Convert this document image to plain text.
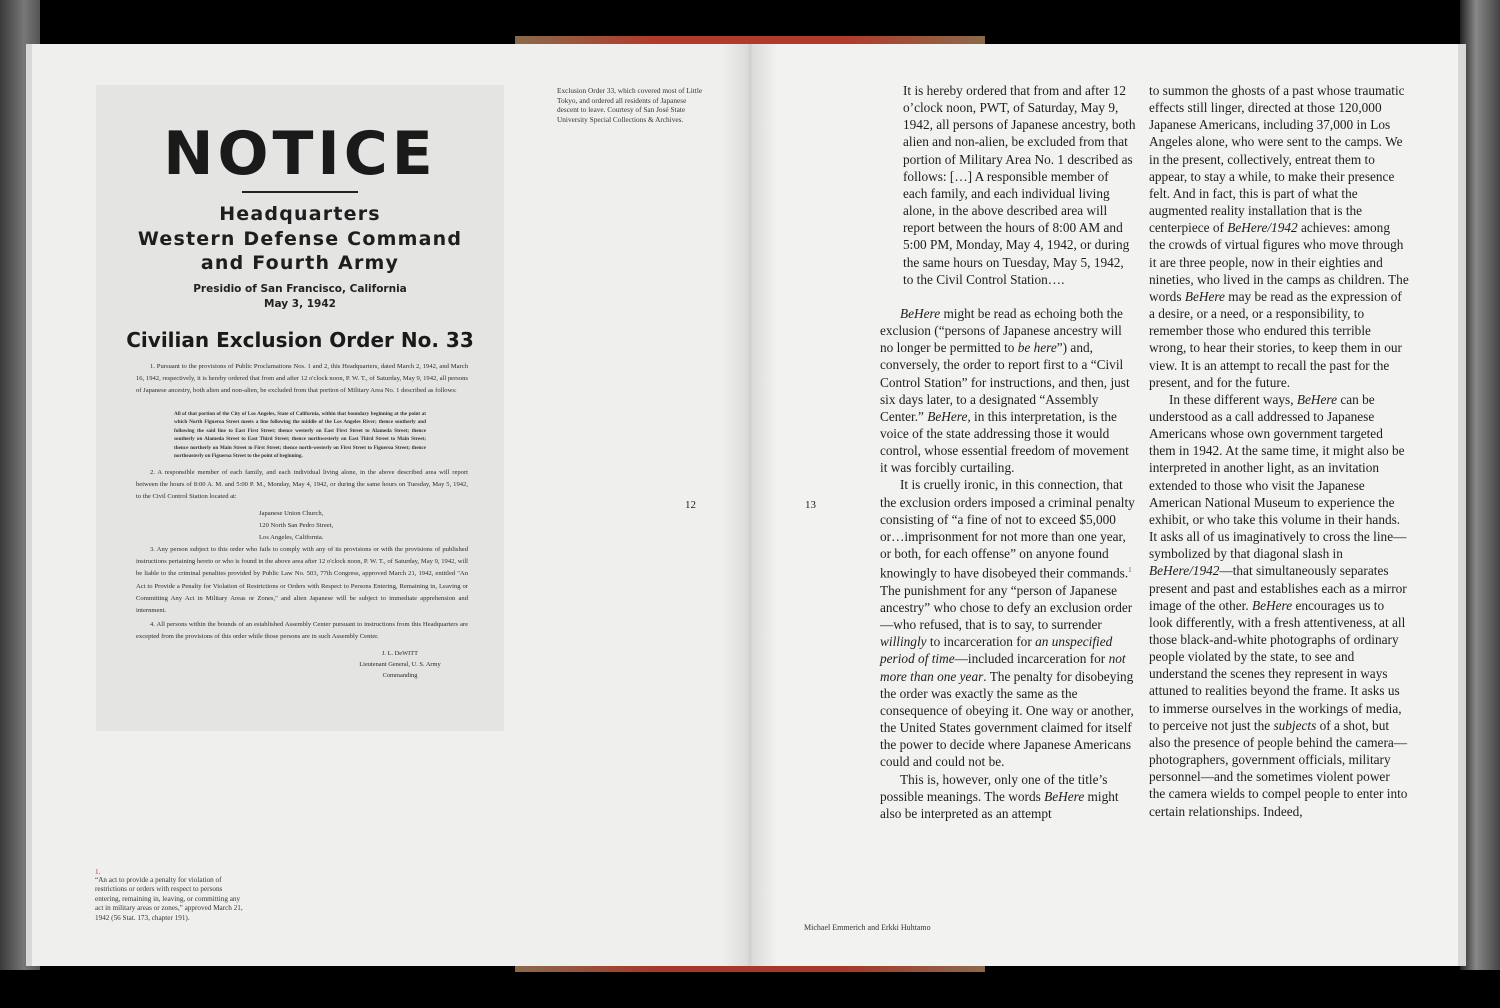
NOTICE
Headquarters
Western Defense Command
and Fourth Army
Presidio of San Francisco, California
May 3, 1942
Civilian Exclusion Order No. 33
1. Pursuant to the provisions of Public Proclamations Nos. 1 and 2, this Headquarters, dated March 2, 1942, and March 16, 1942, respectively, it is hereby ordered that from and after 12 o'clock noon, P. W. T., of Saturday, May 9, 1942, all persons of Japanese ancestry, both alien and non-alien, be excluded from that portion of Military Area No. 1 described as follows:
All of that portion of the City of Los Angeles, State of California, within that boundary beginning at the point at which North Figueroa Street meets a line following the middle of the Los Angeles River; thence southerly and following the said line to East First Street; thence westerly on East First Street to Alameda Street; thence southerly on Alameda Street to East Third Street; thence northwesterly on East Third Street to Main Street; thence northerly on Main Street to First Street; thence north-westerly on First Street to Figueroa Street; thence northeasterly on Figueroa Street to the point of beginning.
2. A responsible member of each family, and each individual living alone, in the above described area will report between the hours of 8:00 A. M. and 5:00 P. M., Monday, May 4, 1942, or during the same hours on Tuesday, May 5, 1942, to the Civil Control Station located at:
Japanese Union Church,
120 North San Pedro Street,
Los Angeles, California.
3. Any person subject to this order who fails to comply with any of its provisions or with the provisions of published instructions pertaining hereto or who is found in the above area after 12 o'clock noon, P. W. T., of Saturday, May 9, 1942, will be liable to the criminal penalties provided by Public Law No. 503, 77th Congress, approved March 21, 1942, entitled "An Act to Provide a Penalty for Violation of Restrictions or Orders with Respect to Persons Entering, Remaining in, Leaving or Committing Any Act in Military Areas or Zones," and alien Japanese will be subject to immediate apprehension and internment.
4. All persons within the bounds of an established Assembly Center pursuant to instructions from this Headquarters are excepted from the provisions of this order while those persons are in such Assembly Center.
J. L. DeWITT
Lieutenant General, U. S. Army
Commanding
Exclusion Order 33, which covered most of Little Tokyo, and ordered all residents of Japanese descent to leave. Courtesy of San José State University Special Collections & Archives.
1.
“An act to provide a penalty for violation of restrictions or orders with respect to persons entering, remaining in, leaving, or committing any act in military areas or zones,” approved March 21, 1942 (56 Stat. 173, chapter 191).
12	13

It is hereby ordered that from and after 12 o’clock noon, PWT, of Saturday, May 9, 1942, all persons of Japanese ancestry, both alien and non-alien, be excluded from that portion of Military Area No. 1 described as follows: […] A responsible member of each family, and each individual living alone, in the above described area will report between the hours of 8:00 AM and 5:00 PM, Monday, May 4, 1942, or during the same hours on Tuesday, May 5, 1942, to the Civil Control Station….

BeHere might be read as echoing both the exclusion (“persons of Japanese ancestry will no longer be permitted to be here”) and, conversely, the order to report first to a “Civil Control Station” for instructions, and then, just six days later, to a designated “Assembly Center.” BeHere, in this interpretation, is the voice of the state addressing those it would control, whose essential freedom of movement it was forcibly curtailing.

It is cruelly ironic, in this connection, that the exclusion orders imposed a criminal penalty consisting of “a fine of not to exceed $5,000 or…imprisonment for not more than one year, or both, for each offense” on anyone found knowingly to have disobeyed their commands.$^1$ The punishment for any “person of Japanese ancestry” who chose to defy an exclusion order—who refused, that is to say, to surrender willingly to incarceration for an unspecified period of time—included incarceration for not more than one year. The penalty for disobeying the order was exactly the same as the consequence of obeying it. One way or another, the United States government claimed for itself the power to decide where Japanese Americans could and could not be.

This is, however, only one of the title’s possible meanings. The words BeHere might also be interpreted as an attempt

to summon the ghosts of a past whose traumatic effects still linger, directed at those 120,000 Japanese Americans, including 37,000 in Los Angeles alone, who were sent to the camps. We in the present, collectively, entreat them to appear, to stay a while, to make their presence felt. And in fact, this is part of what the augmented reality installation that is the centerpiece of BeHere/1942 achieves: among the crowds of virtual figures who move through it are three people, now in their eighties and nineties, who lived in the camps as children. The words BeHere may be read as the expression of a desire, or a need, or a responsibility, to remember those who endured this terrible wrong, to hear their stories, to keep them in our view. It is an attempt to recall the past for the present, and for the future.

In these different ways, BeHere can be understood as a call addressed to Japanese Americans whose own government targeted them in 1942. At the same time, it might also be interpreted in another light, as an invitation extended to those who visit the Japanese American National Museum to experience the exhibit, or who take this volume in their hands. It asks all of us imaginatively to cross the line—symbolized by that diagonal slash in BeHere/1942—that simultaneously separates present and past and establishes each as a mirror image of the other. BeHere encourages us to look differently, with a fresh attentiveness, at all those black-and-white photographs of ordinary people violated by the state, to see and understand the scenes they represent in ways attuned to realities beyond the frame. It asks us to immerse ourselves in the workings of media, to perceive not just the subjects of a shot, but also the presence of people behind the camera—photographers, government officials, military personnel—and the sometimes violent power the camera wields to compel people to enter into certain relationships. Indeed,

Michael Emmerich and Erkki Huhtamo
